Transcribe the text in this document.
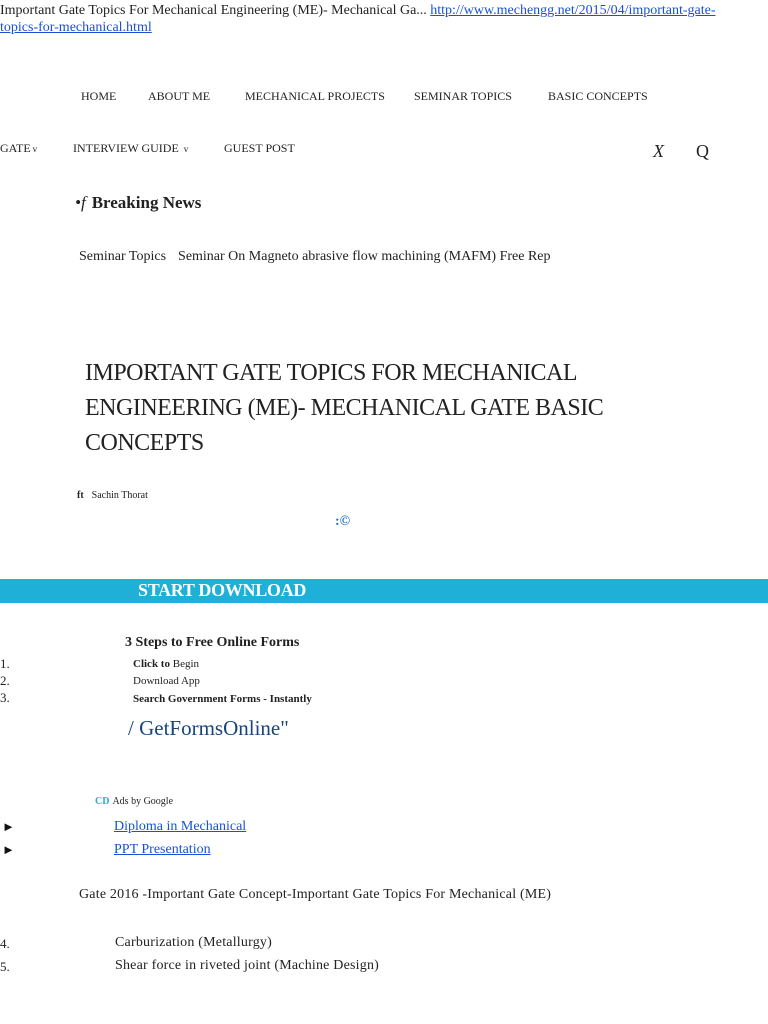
Important Gate Topics For Mechanical Engineering (ME)- Mechanical Ga... http://www.mechengg.net/2015/04/important-gate-
topics-for-mechanical.html
HOME	ABOUT ME	MECHANICAL PROJECTS SEMINAR TOPICS	BASIC CONCEPTS
GATE v	INTERVIEW GUIDE v	GUEST POST	X Q
•f Breaking News
Seminar Topics Seminar On Magneto abrasive flow machining (MAFM) Free Rep
IMPORTANT GATE TOPICS FOR MECHANICAL ENGINEERING (ME)- MECHANICAL GATE BASIC CONCEPTS
ft Sachin Thorat
:©
START DOWNLOAD
3 Steps to Free Online Forms
1.	Click to Begin
2.	Download App
3.	Search Government Forms - Instantly
/ GetFormsOnline"
CD Ads by Google
►	Diploma in Mechanical
►	PPT Presentation
Gate 2016 -Important Gate Concept-Important Gate Topics For Mechanical (ME)
4.	Carburization (Metallurgy)
5.	Shear force in riveted joint (Machine Design)
